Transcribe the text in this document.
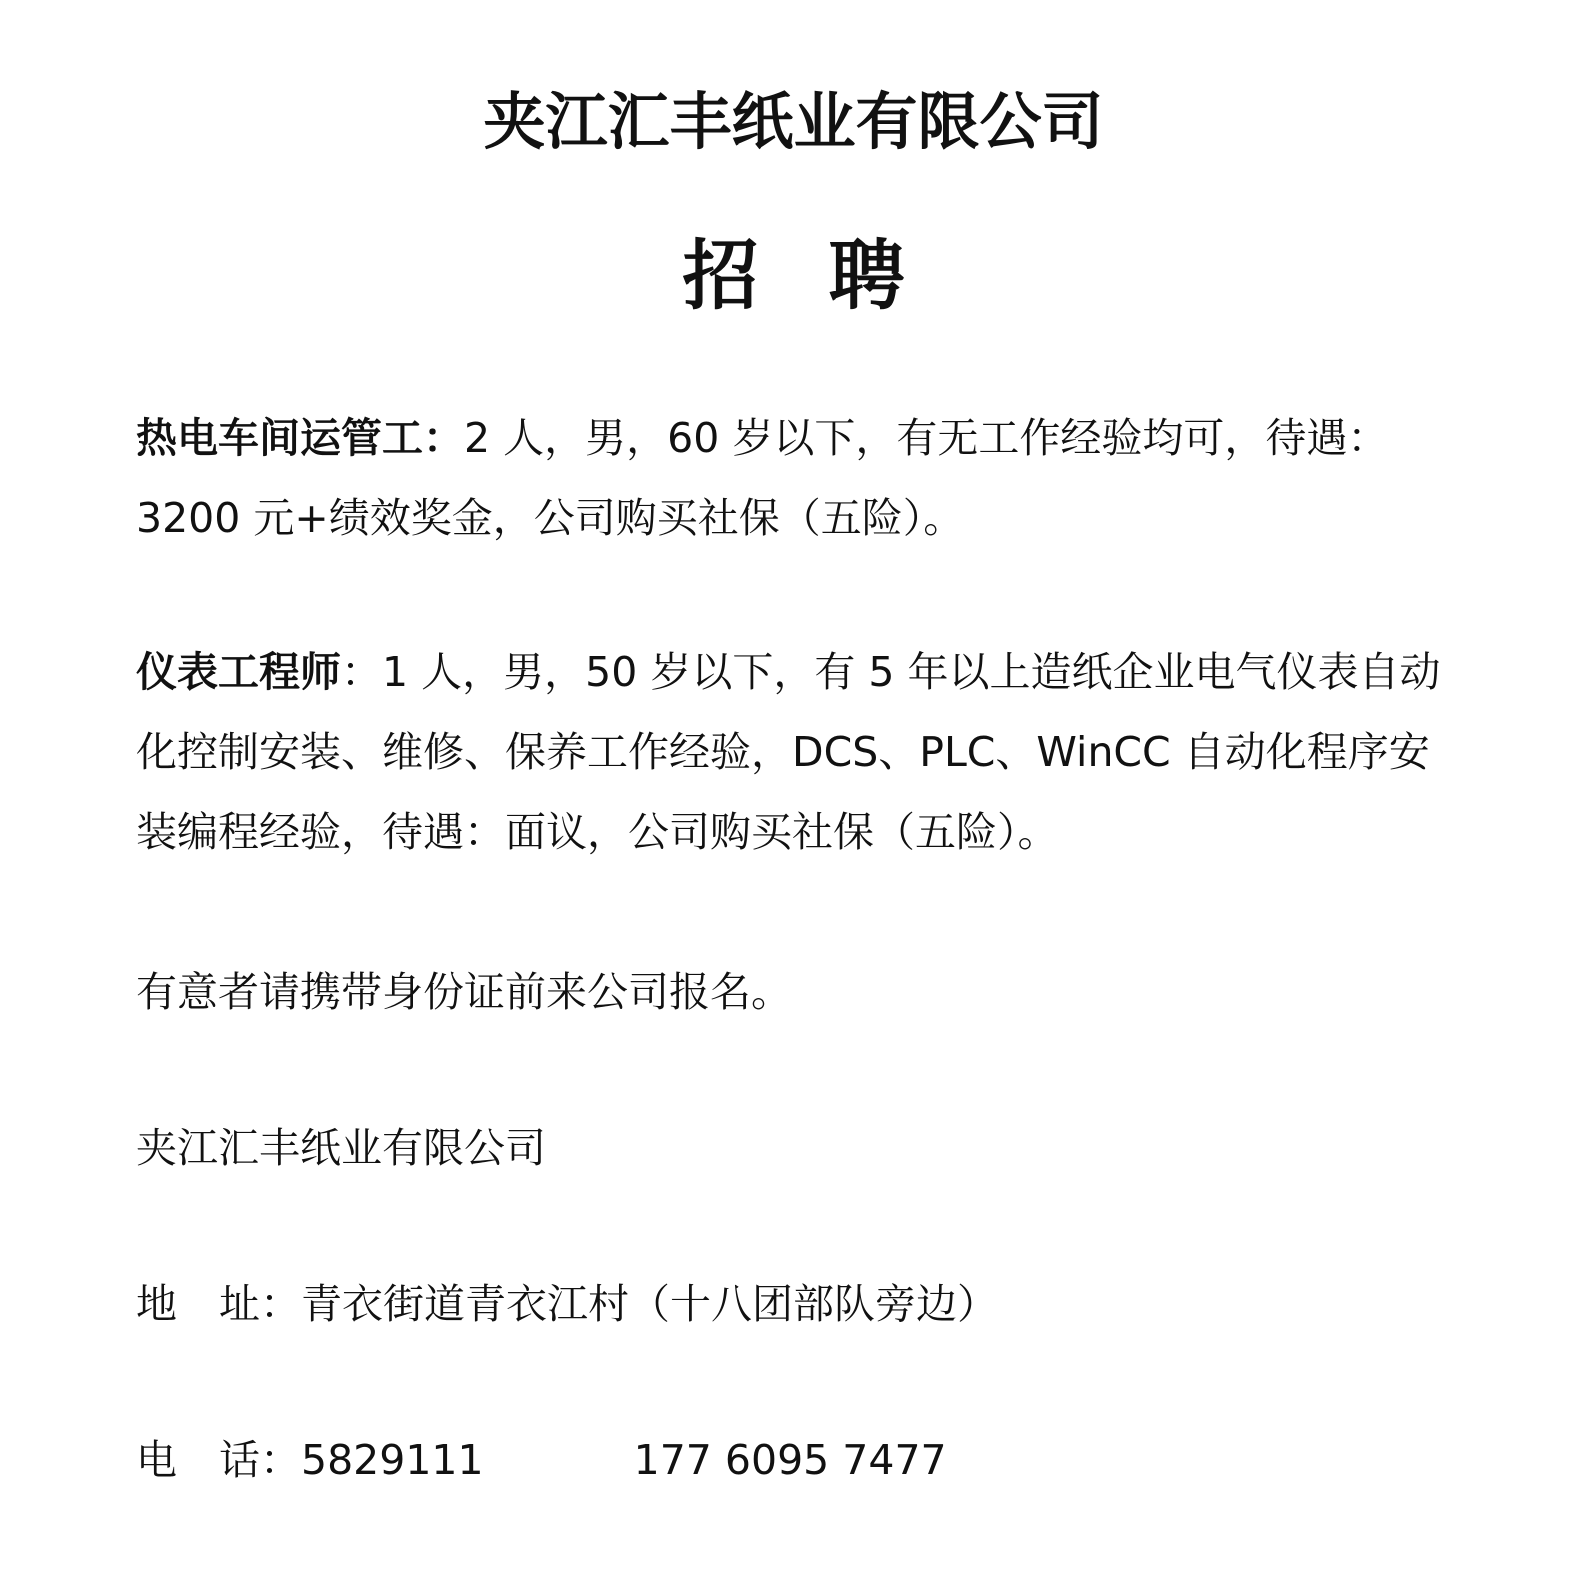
夹江汇丰纸业有限公司
招 聘

热电车间运管工：2 人，男，60 岁以下，有无工作经验均可，待遇：3200 元+绩效奖金，公司购买社保（五险）。

仪表工程师：1 人，男，50 岁以下，有 5 年以上造纸企业电气仪表自动化控制安装、维修、保养工作经验，DCS、PLC、WinCC 自动化程序安装编程经验，待遇：面议，公司购买社保（五险）。

有意者请携带身份证前来公司报名。

夹江汇丰纸业有限公司

地 址：青衣街道青衣江村（十八团部队旁边）

电 话：5829111	177 6095 7477
